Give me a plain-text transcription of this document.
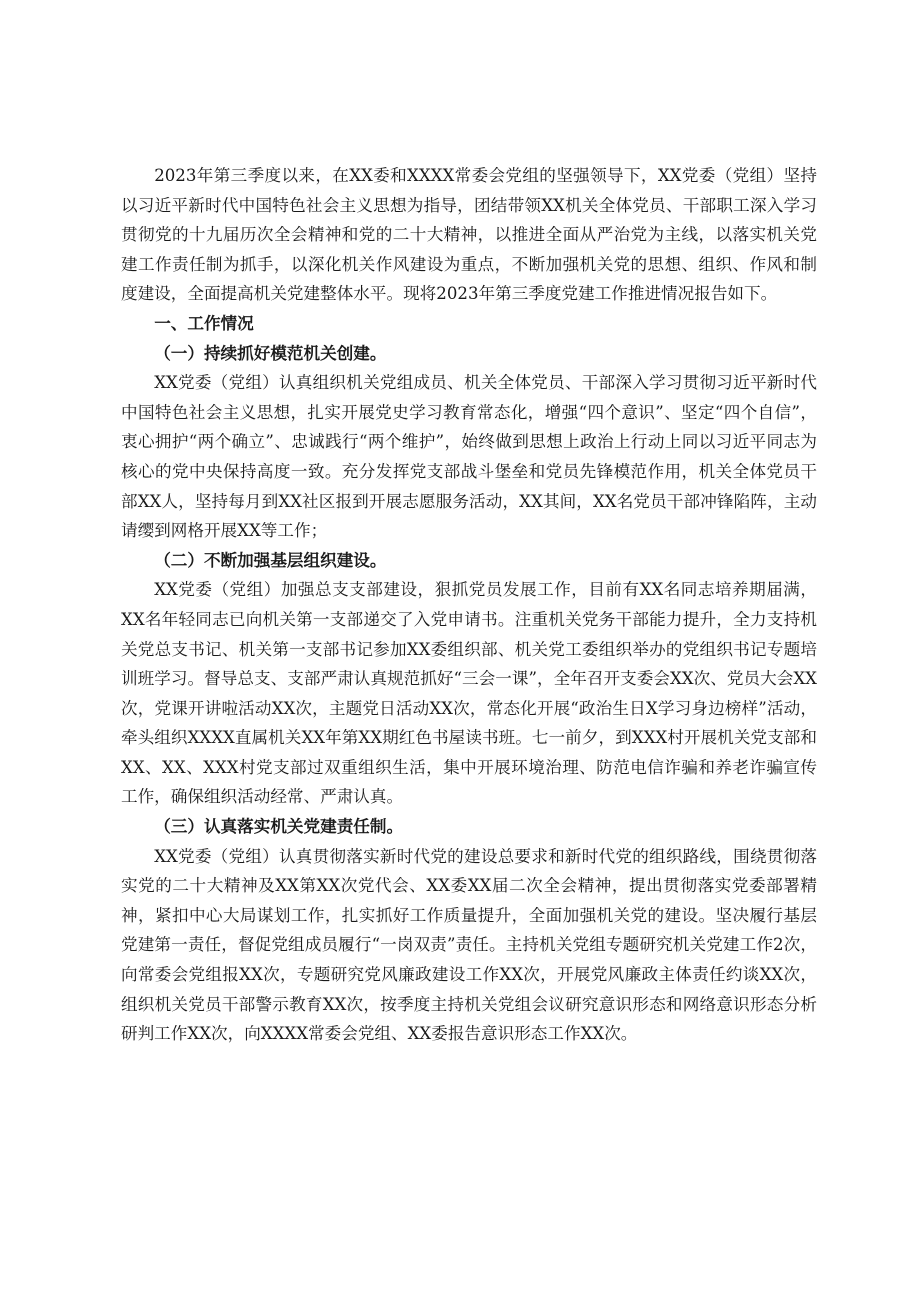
2023年第三季度以来，在XX委和XXXX常委会党组的坚强领导下，XX党委（党组）坚持以习近平新时代中国特色社会主义思想为指导，团结带领XX机关全体党员、干部职工深入学习贯彻党的十九届历次全会精神和党的二十大精神，以推进全面从严治党为主线，以落实机关党建工作责任制为抓手，以深化机关作风建设为重点，不断加强机关党的思想、组织、作风和制度建设，全面提高机关党建整体水平。现将2023年第三季度党建工作推进情况报告如下。

一、工作情况

（一）持续抓好模范机关创建。

XX党委（党组）认真组织机关党组成员、机关全体党员、干部深入学习贯彻习近平新时代中国特色社会主义思想，扎实开展党史学习教育常态化，增强“四个意识”、坚定“四个自信”，衷心拥护“两个确立”、忠诚践行“两个维护”，始终做到思想上政治上行动上同以习近平同志为核心的党中央保持高度一致。充分发挥党支部战斗堡垒和党员先锋模范作用，机关全体党员干部XX人，坚持每月到XX社区报到开展志愿服务活动，XX其间，XX名党员干部冲锋陷阵，主动请缨到网格开展XX等工作；

（二）不断加强基层组织建设。

XX党委（党组）加强总支支部建设，狠抓党员发展工作，目前有XX名同志培养期届满，XX名年轻同志已向机关第一支部递交了入党申请书。注重机关党务干部能力提升，全力支持机关党总支书记、机关第一支部书记参加XX委组织部、机关党工委组织举办的党组织书记专题培训班学习。督导总支、支部严肃认真规范抓好“三会一课”，全年召开支委会XX次、党员大会XX次，党课开讲啦活动XX次，主题党日活动XX次，常态化开展“政治生日X学习身边榜样”活动，牵头组织XXXX直属机关XX年第XX期红色书屋读书班。七一前夕，到XXX村开展机关党支部和XX、XX、XXX村党支部过双重组织生活，集中开展环境治理、防范电信诈骗和养老诈骗宣传工作，确保组织活动经常、严肃认真。

（三）认真落实机关党建责任制。

XX党委（党组）认真贯彻落实新时代党的建设总要求和新时代党的组织路线，围绕贯彻落实党的二十大精神及XX第XX次党代会、XX委XX届二次全会精神，提出贯彻落实党委部署精神，紧扣中心大局谋划工作，扎实抓好工作质量提升，全面加强机关党的建设。坚决履行基层党建第一责任，督促党组成员履行“一岗双责”责任。主持机关党组专题研究机关党建工作2次，向常委会党组报XX次，专题研究党风廉政建设工作XX次，开展党风廉政主体责任约谈XX次，组织机关党员干部警示教育XX次，按季度主持机关党组会议研究意识形态和网络意识形态分析研判工作XX次，向XXXX常委会党组、XX委报告意识形态工作XX次。
